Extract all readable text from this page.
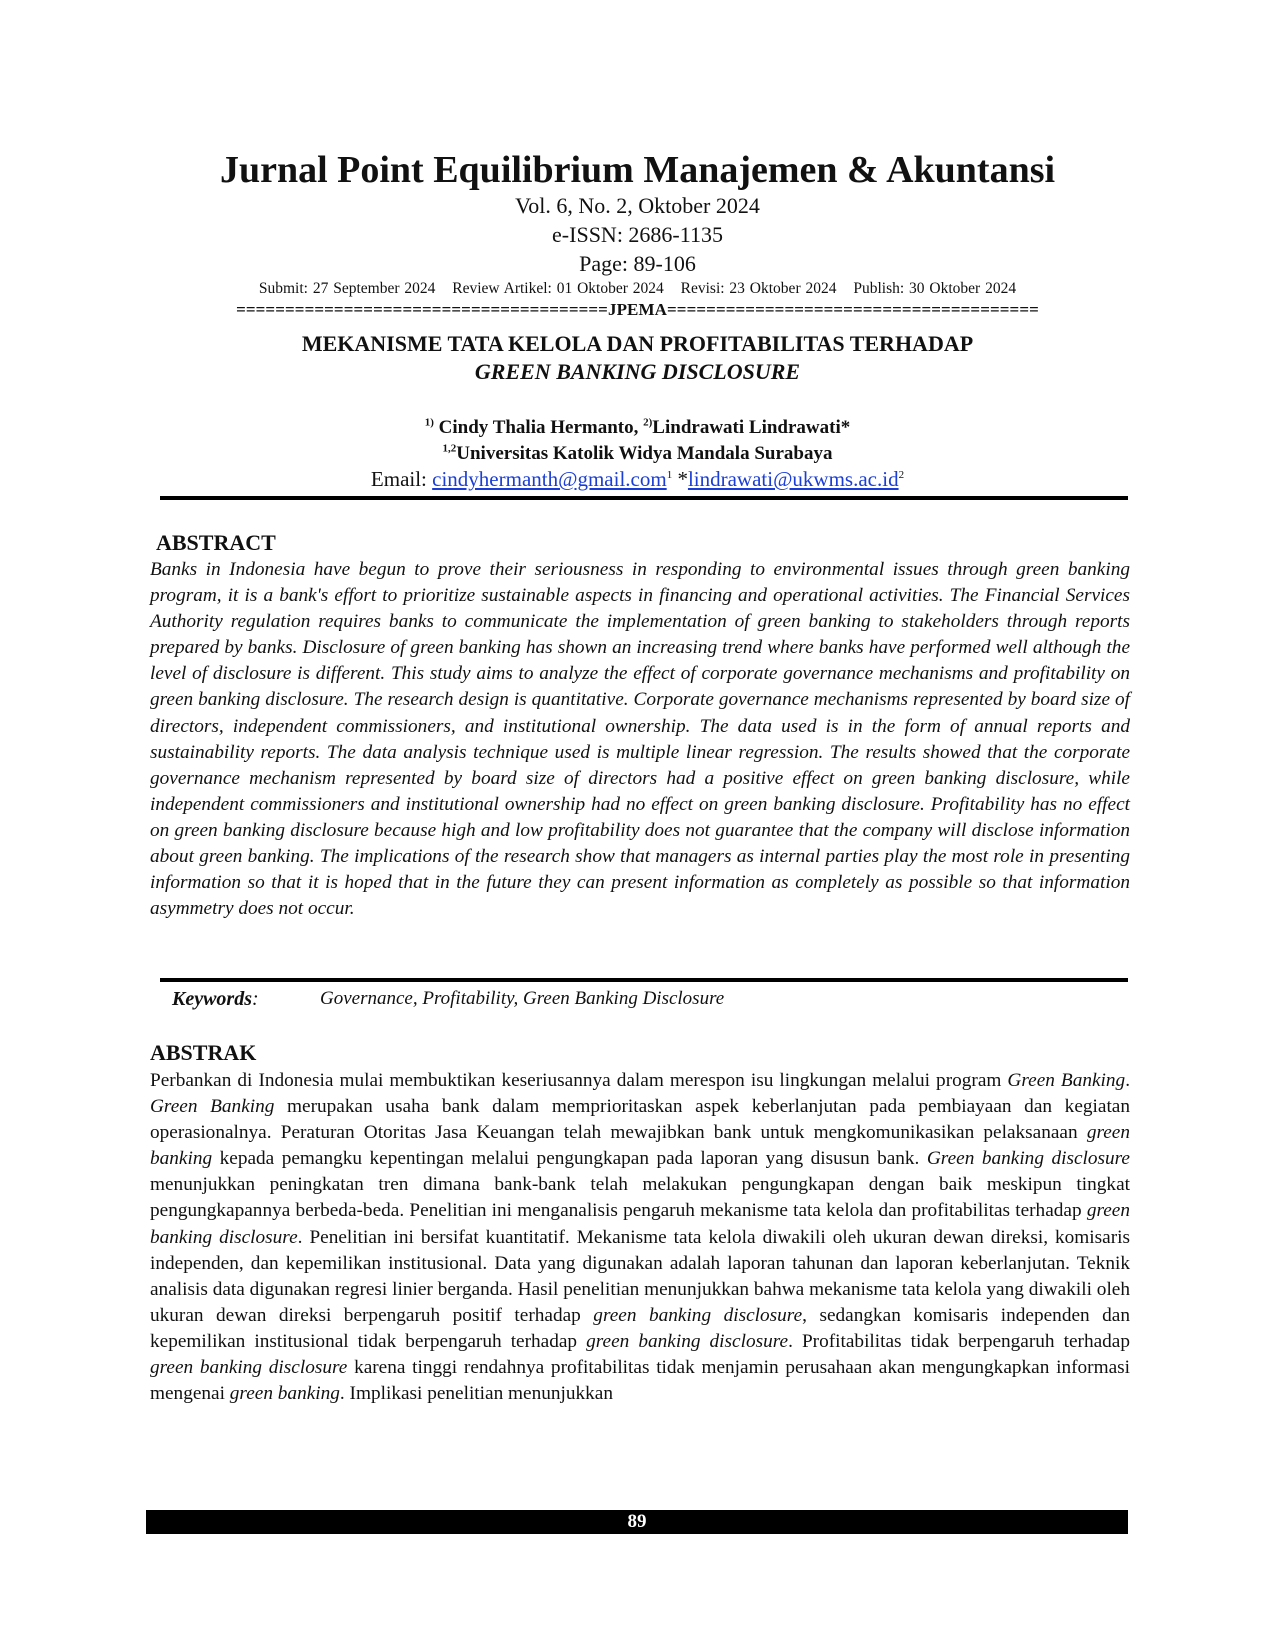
Jurnal Point Equilibrium Manajemen & Akuntansi
Vol. 6, No. 2, Oktober 2024
e-ISSN: 2686-1135
Page: 89-106
Submit: 27 September 2024 Review Artikel: 01 Oktober 2024 Revisi: 23 Oktober 2024 Publish: 30 Oktober 2024
======================================JPEMA======================================
MEKANISME TATA KELOLA DAN PROFITABILITAS TERHADAP
GREEN BANKING DISCLOSURE
$^{1)}$ Cindy Thalia Hermanto, $^{2)}$Lindrawati Lindrawati*
$^{1,2}$Universitas Katolik Widya Mandala Surabaya
Email: cindyhermanth@gmail.com$^1$ $*lindrawati@ukwms.ac.id^2$
ABSTRACT
Banks in Indonesia have begun to prove their seriousness in responding to environmental issues through green banking program, it is a bank's effort to prioritize sustainable aspects in financing and operational activities. The Financial Services Authority regulation requires banks to communicate the implementation of green banking to stakeholders through reports prepared by banks. Disclosure of green banking has shown an increasing trend where banks have performed well although the level of disclosure is different. This study aims to analyze the effect of corporate governance mechanisms and profitability on green banking disclosure. The research design is quantitative. Corporate governance mechanisms represented by board size of directors, independent commissioners, and institutional ownership. The data used is in the form of annual reports and sustainability reports. The data analysis technique used is multiple linear regression. The results showed that the corporate governance mechanism represented by board size of directors had a positive effect on green banking disclosure, while independent commissioners and institutional ownership had no effect on green banking disclosure. Profitability has no effect on green banking disclosure because high and low profitability does not guarantee that the company will disclose information about green banking. The implications of the research show that managers as internal parties play the most role in presenting information so that it is hoped that in the future they can present information as completely as possible so that information asymmetry does not occur.
Keywords:	Governance, Profitability, Green Banking Disclosure
ABSTRAK
Perbankan di Indonesia mulai membuktikan keseriusannya dalam merespon isu lingkungan melalui program Green Banking. Green Banking merupakan usaha bank dalam memprioritaskan aspek keberlanjutan pada pembiayaan dan kegiatan operasionalnya. Peraturan Otoritas Jasa Keuangan telah mewajibkan bank untuk mengkomunikasikan pelaksanaan green banking kepada pemangku kepentingan melalui pengungkapan pada laporan yang disusun bank. Green banking disclosure menunjukkan peningkatan tren dimana bank-bank telah melakukan pengungkapan dengan baik meskipun tingkat pengungkapannya berbeda-beda. Penelitian ini menganalisis pengaruh mekanisme tata kelola dan profitabilitas terhadap green banking disclosure. Penelitian ini bersifat kuantitatif. Mekanisme tata kelola diwakili oleh ukuran dewan direksi, komisaris independen, dan kepemilikan institusional. Data yang digunakan adalah laporan tahunan dan laporan keberlanjutan. Teknik analisis data digunakan regresi linier berganda. Hasil penelitian menunjukkan bahwa mekanisme tata kelola yang diwakili oleh ukuran dewan direksi berpengaruh positif terhadap green banking disclosure, sedangkan komisaris independen dan kepemilikan institusional tidak berpengaruh terhadap green banking disclosure. Profitabilitas tidak berpengaruh terhadap green banking disclosure karena tinggi rendahnya profitabilitas tidak menjamin perusahaan akan mengungkapkan informasi mengenai green banking. Implikasi penelitian menunjukkan
89
